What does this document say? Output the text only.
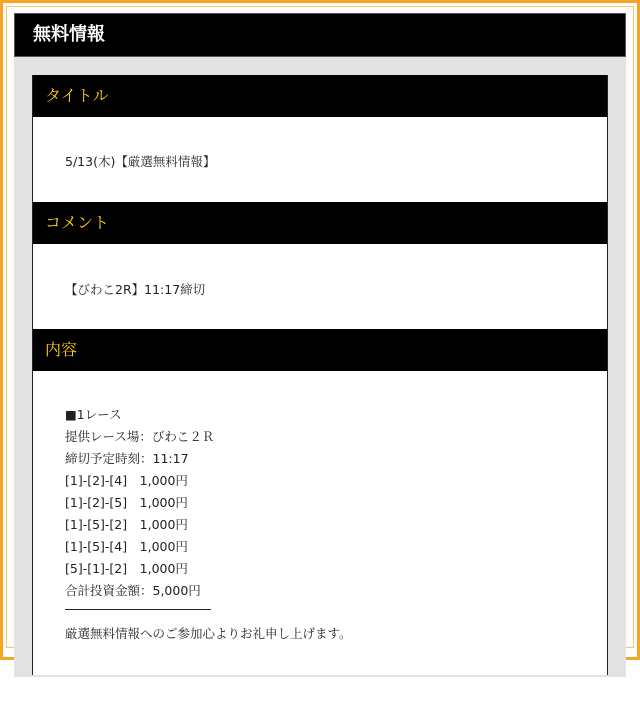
無料情報
タイトル
5/13(木)【厳選無料情報】
コメント
【びわこ2R】11:17締切
内容
■1レース
提供レース場：びわこ２Ｒ
締切予定時刻：11:17
[1]-[2]-[4]　1,000円
[1]-[2]-[5]　1,000円
[1]-[5]-[2]　1,000円
[1]-[5]-[4]　1,000円
[5]-[1]-[2]　1,000円
合計投資金額：5,000円
厳選無料情報へのご参加心よりお礼申し上げます。
